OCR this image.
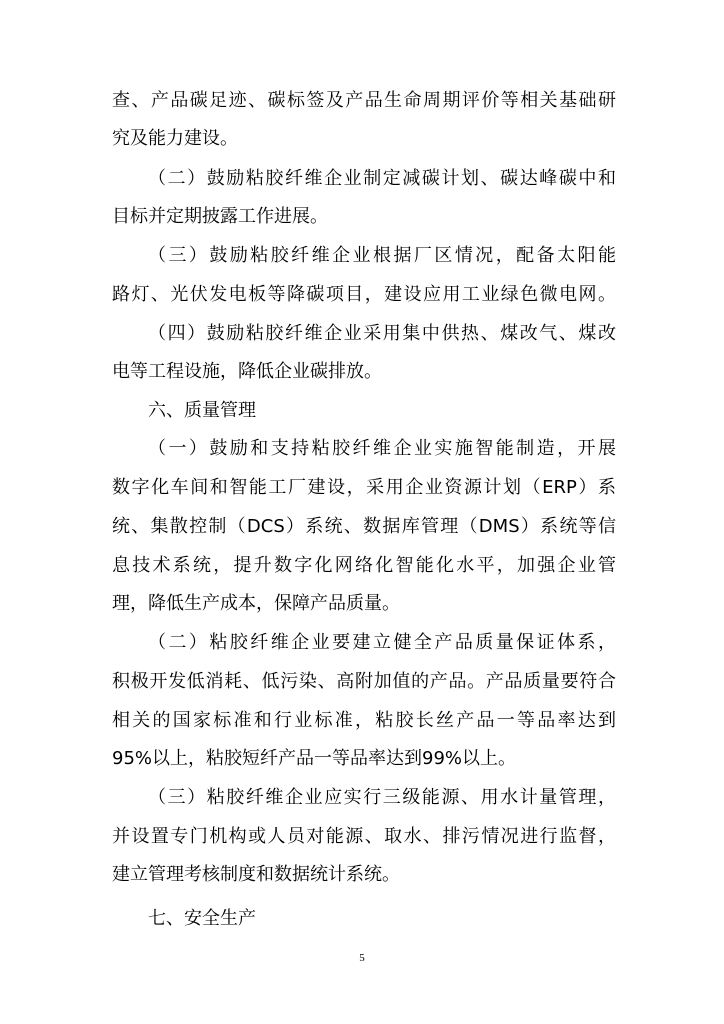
查、产品碳足迹、碳标签及产品生命周期评价等相关基础研
究及能力建设。
（二）鼓励粘胶纤维企业制定减碳计划、碳达峰碳中和
目标并定期披露工作进展。
（三）鼓励粘胶纤维企业根据厂区情况，配备太阳能
路灯、光伏发电板等降碳项目，建设应用工业绿色微电网。
（四）鼓励粘胶纤维企业采用集中供热、煤改气、煤改
电等工程设施，降低企业碳排放。
六、质量管理
（一）鼓励和支持粘胶纤维企业实施智能制造，开展
数字化车间和智能工厂建设，采用企业资源计划（ERP）系
统、集散控制（DCS）系统、数据库管理（DMS）系统等信
息技术系统，提升数字化网络化智能化水平，加强企业管
理，降低生产成本，保障产品质量。
（二）粘胶纤维企业要建立健全产品质量保证体系，
积极开发低消耗、低污染、高附加值的产品。产品质量要符合
相关的国家标准和行业标准，粘胶长丝产品一等品率达到
95%以上，粘胶短纤产品一等品率达到99%以上。
（三）粘胶纤维企业应实行三级能源、用水计量管理，
并设置专门机构或人员对能源、取水、排污情况进行监督，
建立管理考核制度和数据统计系统。
七、安全生产
5
